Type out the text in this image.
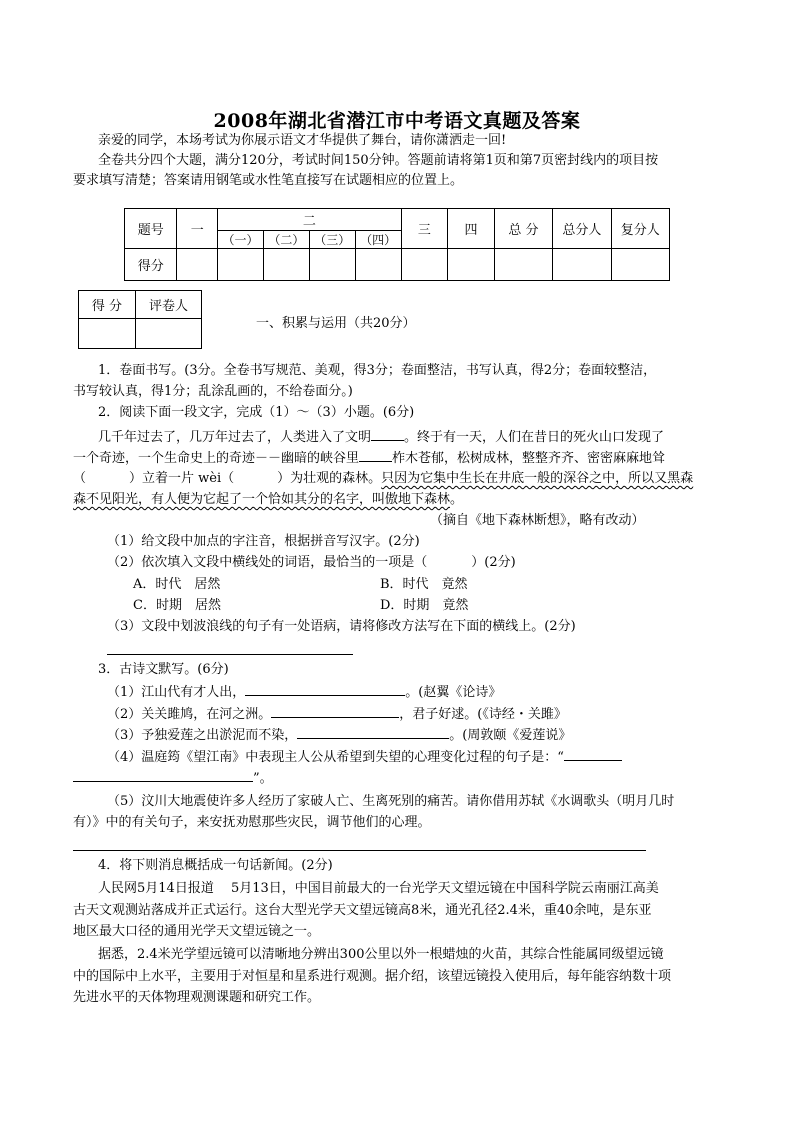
2008年湖北省潜江市中考语文真题及答案
亲爱的同学，本场考试为你展示语文才华提供了舞台，请你潇洒走一回!
全卷共分四个大题，满分120分，考试时间150分钟。答题前请将第1页和第7页密封线内的项目按
要求填写清楚；答案请用钢笔或水性笔直接写在试题相应的位置上。
题号	一	二				三	四	总 分	总分人	复分人
		（一）	（二）	（三）	（四）					
得分										
得 分	评卷人

一、积累与运用（共20分）
1．卷面书写。(3分。全卷书写规范、美观，得3分；卷面整洁，书写认真，得2分；卷面较整洁，
书写较认真，得1分；乱涂乱画的，不给卷面分。)
2．阅读下面一段文字，完成（1）～（3）小题。(6分)
几千年过去了，几万年过去了，人类进入了文明	。终于有一天，人们在昔日的死火山口发现了
一个奇迹，一个生命史上的奇迹－－幽暗的峡谷里	柞木苍郁，松树成林，整整齐齐、密密麻麻地耸
（	）立着一片 wèi（	）为壮观的森林。只因为它集中生长在井底一般的深谷之中，所以又黑森
森不见阳光，有人便为它起了一个恰如其分的名字，叫傲地下森林。
（摘自《地下森林断想》，略有改动）
（1）给文段中加点的字注音，根据拼音写汉字。(2分)
（2）依次填入文段中横线处的词语，最恰当的一项是（	）(2分)
A．时代　居然	B．时代　竟然
C．时期　居然	D．时期　竟然
（3）文段中划波浪线的句子有一处语病，请将修改方法写在下面的横线上。(2分)
3．古诗文默写。(6分)
（1）江山代有才人出，	。(赵翼《论诗》
（2）关关雎鸠，在河之洲。	，君子好逑。(《诗经・关雎》
（3）予独爱莲之出淤泥而不染，	。(周敦颐《爱莲说》
（4）温庭筠《望江南》中表现主人公从希望到失望的心理变化过程的句子是：“
”。
（5）汶川大地震使许多人经历了家破人亡、生离死别的痛苦。请你借用苏轼《水调歌头（明月几时
有）》中的有关句子，来安抚劝慰那些灾民，调节他们的心理。
4．将下则消息概括成一句话新闻。(2分)
人民网5月14日报道　 5月13日，中国目前最大的一台光学天文望远镜在中国科学院云南丽江高美
古天文观测站落成并正式运行。这台大型光学天文望远镜高8米，通光孔径2.4米，重40余吨，是东亚
地区最大口径的通用光学天文望远镜之一。
据悉，2.4米光学望远镜可以清晰地分辨出300公里以外一根蜡烛的火苗，其综合性能属同级望远镜
中的国际中上水平，主要用于对恒星和星系进行观测。据介绍，该望远镜投入使用后，每年能容纳数十项
先进水平的天体物理观测课题和研究工作。
